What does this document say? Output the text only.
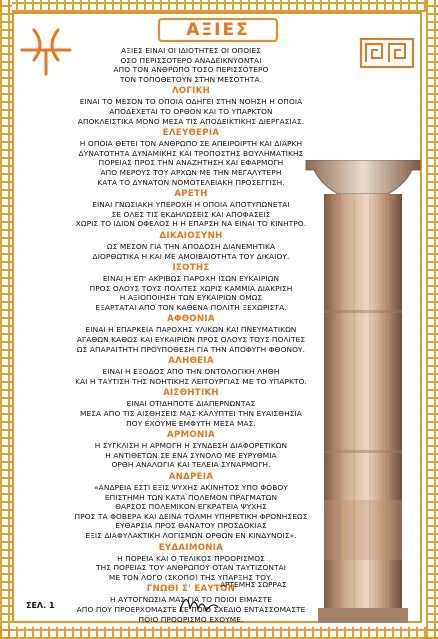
ΑΞΙΕΣ

ΑΞΙΕΣ ΕΙΝΑΙ ΟΙ ΙΔΙΟΤΗΤΕΣ ΟΙ ΟΠΟΙΕΣ

ΟΣΟ ΠΕΡΙΣΣΟΤΕΡΟ ΑΝΑΔΕΙΚΝΥΟΝΤΑΙ

ΑΠΟ ΤΟΝ ΑΝΘΡΩΠΟ ΤΟΣΟ ΠΕΡΙΣΣΟΤΕΡΟ

ΤΟΝ ΤΟΠΟΘΕΤΟΥΝ ΣΤΗΝ ΜΕΣΟΤΗΤΑ.

ΛΟΓΙΚΗ

ΕΙΝΑΙ ΤΟ ΜΕΣΟΝ ΤΟ ΟΠΟΙΑ ΟΔΗΓΕΙ ΣΤΗΝ ΝΟΗΣΗ Η ΟΠΟΙΑ

ΑΠΟΔΕΧΕΤΑΙ ΤΟ ΟΡΘΟΝ ΚΑΙ ΤΟ ΥΠΑΡΚΤΟΝ

ΑΠΟΚΛΕΙΣΤΙΚΑ ΜΟΝΟ ΜΕΣΑ ΤΙΣ ΑΠΟΔΕΙΚΤΙΚΗΣ ΔΙΕΡΓΑΣΙΑΣ.

ΕΛΕΥΘΕΡΙΑ

Η ΟΠΟΙΑ ΘΕΤΕΙ ΤΟΝ ΑΝΘΡΩΠΟ ΣΕ ΑΠΕΙΡΟΙΡΤΗ ΚΑΙ ΔΙΑΡΚΗ

ΔΥΝΑΤΟΤΗΤΑ ΔΥΝΑΜΙΚΗΣ ΚΑΙ ΤΡΟΠΟΣΤΗΣ ΒΟΥΛΗΜΑΤΙΚΗΣ

ΠΟΡΕΙΑΣ ΠΡΟΣ ΤΗΝ ΑΝΑΖΗΤΗΣΗ ΚΑΙ ΕΦΑΡΜΟΓΗ

ΑΠΟ ΜΕΡΟΥΣ ΤΟΥ ΑΡΧΩΝ ΜΕ ΤΗΝ ΜΕΓΑΛΥΤΕΡΗ

ΚΑΤΑ ΤΟ ΔΥΝΑΤΟΝ ΝΟΜΟΤΕΛΕΙΑΚΗ ΠΡΟΣΕΓΓΙΣΗ.

ΑΡΕΤΗ

ΕΙΝΑΙ ΓΝΩΣΙΑΚΗ ΥΠΕΡΟΧΗ Η ΟΠΟΙΑ ΑΠΟΤΥΠΩΝΕΤΑΙ

ΣΕ ΟΛΕΣ ΤΙΣ ΕΚΔΗΛΩΣΕΙΣ ΚΑΙ ΑΠΟΦΑΣΕΙΣ

ΧΩΡΙΣ ΤΟ ΙΔΙΟΝ ΟΦΕΛΟΣ Η Η ΕΠΑΡΣΗ ΝΑ ΕΙΝΑΙ ΤΟ ΚΙΝΗΤΡΟ.

ΔΙΚΑΙΟΣΥΝΗ

ΩΣ ΜΕΣΟΝ ΓΙΑ ΤΗΝ ΑΠΟΔΟΣΗ ΔΙΑΝΕΜΗΤΙΚΑ

ΔΙΟΡΘΩΤΙΚΑ Η ΚΑΙ ΜΕ ΑΜΟΙΒΑΙΟΤΗΤΑ ΤΟΥ ΔΙΚΑΙΟΥ.

ΙΣΟΤΗΣ

ΕΙΝΑΙ Η ΕΠ' ΑΚΡΙΒΩΣ ΠΑΡΟΧΗ ΙΣΩΝ ΕΥΚΑΙΡΙΩΝ

ΠΡΟΣ ΟΛΟΥΣ ΤΟΥΣ ΠΟΛΙΤΕΣ ΧΩΡΙΣ ΚΑΜΜΙΑ ΔΙΑΚΡΙΣΗ

Η ΑΞΙΟΠΟΙΗΣΗ ΤΩΝ ΕΥΚΑΙΡΙΩΝ ΟΜΩΣ

ΕΞΑΡΤΑΤΑΙ ΑΠΟ ΤΟΝ ΚΑΘΕΝΑ ΠΟΛΙΤΗ ΞΕΧΩΡΙΣΤΑ.

ΑΦΘΟΝΙΑ

ΕΙΝΑΙ Η ΕΠΑΡΚΕΙΑ ΠΑΡΟΧΗΣ ΥΛΙΚΩΝ ΚΑΙ ΠΝΕΥΜΑΤΙΚΩΝ

ΑΓΑΘΩΝ ΚΑΘΩΣ ΚΑΙ ΕΥΚΑΙΡΙΩΝ ΠΡΟΣ ΟΛΟΥΣ ΤΟΥΣ ΠΟΛΙΤΕΣ

ΩΣ ΑΠΑΡΑΙΤΗΤΗ ΠΡΟΥΠΟΘΕΣΗ ΓΙΑ ΤΗΝ ΑΠΟΦΥΓΗ ΦΘΟΝΟΥ.

ΑΛΗΘΕΙΑ

ΕΙΝΑΙ Η ΕΞΟΔΟΣ ΑΠΟ ΤΗΝ ΟΝΤΟΛΟΓΙΚΗ ΛΗΘΗ

ΚΑΙ Η ΤΑΥΤΙΣΗ ΤΗΣ ΝΟΗΤΙΚΗΣ ΛΕΙΤΟΥΡΓΙΑΣ ΜΕ ΤΟ ΥΠΑΡΚΤΟ.

ΑΙΣΘΗΤΙΚΗ

ΕΙΝΑΙ ΟΤΙΔΗΠΟΤΕ ΔΙΑΠΕΡΝΩΝΤΑΣ

ΜΕΣΑ ΑΠΟ ΤΙΣ ΑΙΣΘΗΣΕΙΣ ΜΑΣ ΚΑΛΥΠΤΕΙ ΤΗΝ ΕΥΑΙΣΘΗΣΙΑ

ΠΟΥ ΕΧΟΥΜΕ ΕΜΦΥΤΗ ΜΕΣΑ ΜΑΣ.

ΑΡΜΟΝΙΑ

Η ΣΥΓΚΛΙΣΗ Η ΑΡΜΟΓΗ Η ΣΥΝΔΕΣΗ ΔΙΑΦΟΡΕΤΙΚΩΝ

Η ΑΝΤΙΘΕΤΩΝ ΣΕ ΕΝΑ ΣΥΝΟΛΟ ΜΕ ΕΥΡΥΘΜΙΑ

ΟΡΘΗ ΑΝΑΛΟΓΙΑ ΚΑΙ ΤΕΛΕΙΑ ΣΥΝΑΡΜΟΓΗ.

ΑΝΔΡΕΙΑ

«ΑΝΔΡΕΙΑ ΕΣΤΙ ΕΞΙΣ ΨΥΧΗΣ ΑΚΙΝΗΤΟΣ ΥΠΟ ΦΟΒΟΥ

ΕΠΙΣΤΗΜΗ ΤΩΝ ΚΑΤΑ ΠΟΛΕΜΟΝ ΠΡΑΓΜΑΤΩΝ

ΘΑΡΣΟΣ ΠΟΛΕΜΙΚΟΝ ΕΓΚΡΑΤΕΙΑ ΨΥΧΗΣ

ΠΡΟΣ ΤΑ ΦΟΒΕΡΑ ΚΑΙ ΔΕΙΝΑ ΤΟΛΜΗ ΥΠΗΡΕΤΙΚΗ ΦΡΟΝΗΣΕΩΣ

ΕΥΘΑΡΣΙΑ ΠΡΟΣ ΘΑΝΑΤΟΥ ΠΡΟΣΔΟΚΙΑΣ

ΕΞΙΣ ΔΙΑΦΥΛΑΚΤΙΚΗ ΛΟΓΙΣΜΩΝ ΟΡΘΩΝ ΕΝ ΚΙΝΔΥΝΟΙΣ».

ΕΥΔΑΙΜΟΝΙΑ

Η ΠΟΡΕΙΑ ΚΑΙ Ο ΤΕΛΙΚΟΣ ΠΡΟΟΡΙΣΜΟΣ

ΤΗΣ ΠΟΡΕΙΑΣ ΤΟΥ ΑΝΘΡΩΠΟΥ ΟΤΑΝ ΤΑΥΤΙΖΟΝΤΑΙ

ΜΕ ΤΟΝ ΛΟΓΟ (ΣΚΟΠΟ) ΤΗΣ ΥΠΑΡΞΗΣ ΤΟΥ.

ΓΝΩΘΙ Σ' ΕΑΥΤΟΝ

Η ΑΥΤΟΓΝΩΣΙΑ ΜΑΣ ΓΙΑ ΤΟ ΠΟΙΟΙ ΕΙΜΑΣΤΕ

ΑΠΟ ΠΟΥ ΠΡΟΕΡΧΟΜΑΣΤΕ ΣΕ ΠΟΙΟ ΣΧΕΔΙΟ ΕΝΤΑΣΣΟΜΑΣΤΕ

ΠΟΙΟ ΠΡΟΟΡΙΣΜΟ ΕΧΟΥΜΕ.

ΑΡΤΕΜΗΣ ΣΩΡΡΑΣ
ΣΕΛ. 1
